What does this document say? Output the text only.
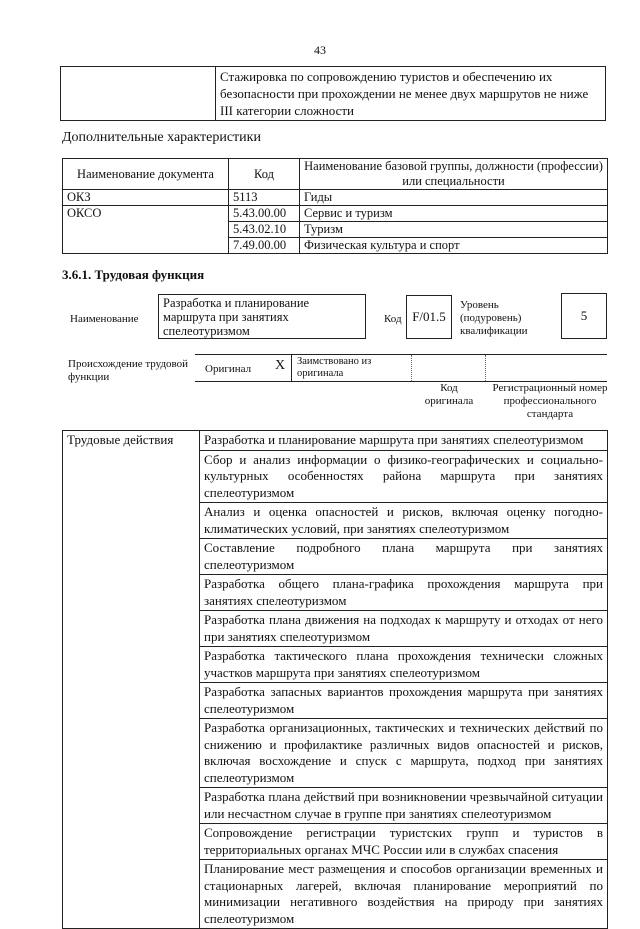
43
	Стажировка по сопровождению туристов и обеспечению их безопасности при прохождении не менее двух маршрутов не ниже III категории сложности
Дополнительные характеристики
Наименование документа	Код	Наименование базовой группы, должности (профессии) или специальности
ОКЗ	5113	Гиды
ОКСО	5.43.00.00	Сервис и туризм
	5.43.02.10	Туризм
	7.49.00.00	Физическая культура и спорт
3.6.1. Трудовая функция
Наименование
Разработка и планирование маршрута при занятиях спелеотуризмом
Код F/01.5
Уровень (подуровень) квалификации
5
Происхождение трудовой функции
Оригинал X Заимствовано из оригинала
Код оригинала
Регистрационный номер профессионального стандарта
Трудовые действия	Разработка и планирование маршрута при занятиях спелеотуризмом
Сбор и анализ информации о физико-географических и социально-культурных особенностях района маршрута при занятиях спелеотуризмом
Анализ и оценка опасностей и рисков, включая оценку погодно-климатических условий, при занятиях спелеотуризмом
Составление подробного плана маршрута при занятиях спелеотуризмом
Разработка общего плана-графика прохождения маршрута при занятиях спелеотуризмом
Разработка плана движения на подходах к маршруту и отходах от него при занятиях спелеотуризмом
Разработка тактического плана прохождения технически сложных участков маршрута при занятиях спелеотуризмом
Разработка запасных вариантов прохождения маршрута при занятиях спелеотуризмом
Разработка организационных, тактических и технических действий по снижению и профилактике различных видов опасностей и рисков, включая восхождение и спуск с маршрута, подход при занятиях спелеотуризмом
Разработка плана действий при возникновении чрезвычайной ситуации или несчастном случае в группе при занятиях спелеотуризмом
Сопровождение регистрации туристских групп и туристов в территориальных органах МЧС России или в службах спасения
Планирование мест размещения и способов организации временных и стационарных лагерей, включая планирование мероприятий по минимизации негативного воздействия на природу при занятиях спелеотуризмом
